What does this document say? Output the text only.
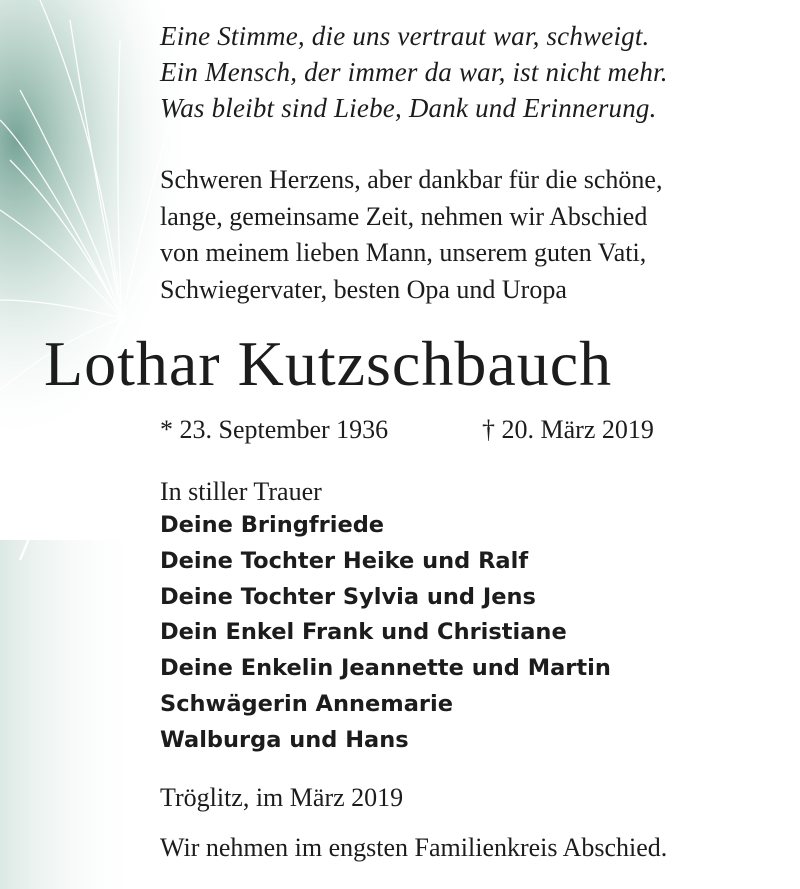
Eine Stimme, die uns vertraut war, schweigt.
Ein Mensch, der immer da war, ist nicht mehr.
Was bleibt sind Liebe, Dank und Erinnerung.
Schweren Herzens, aber dankbar für die schöne,
lange, gemeinsame Zeit, nehmen wir Abschied
von meinem lieben Mann, unserem guten Vati,
Schwiegervater, besten Opa und Uropa
Lothar Kutzschbauch
* 23. September 1936	† 20. März 2019
In stiller Trauer
Deine Bringfriede
Deine Tochter Heike und Ralf
Deine Tochter Sylvia und Jens
Dein Enkel Frank und Christiane
Deine Enkelin Jeannette und Martin
Schwägerin Annemarie
Walburga und Hans
Tröglitz, im März 2019
Wir nehmen im engsten Familienkreis Abschied.
